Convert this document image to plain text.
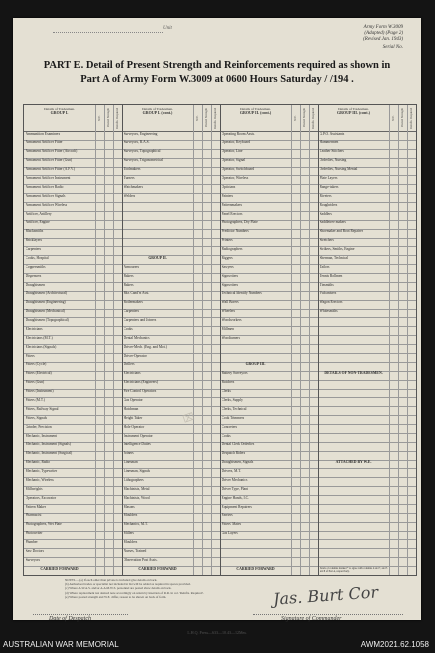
Unit	Army Form W.3009
(Adapted) (Page 2)
(Revised Jan. 1943)
Serial No.
PART E. Detail of Present Strength and Reinforcements required as shown in
Part A of Army Form W.3009 at 0600 Hours Saturday / /194 .
Details of Tradesmen.
GROUP I.
W.E. Posted Strength Reinfts. Required
Ammunition Examiners
Armament Artificer Fitter
Armament Artificer Fitter (Aircraft)
Armament Artificer Fitter (Gun)
Armament Artificer Fitter (A.F.V.)
Armament Artificer Instrument
Armament Artificer Radio
Armament Artificer Signals
Armament Artificer Wireless
Artificer, Artillery
Artificer, Engine
Blacksmiths
Bricklayers
Carpenters
Cooks, Hospital
Coppersmiths
Dispensers
Draughtsmen
Draughtsmen (Architectural)
Draughtsmen (Engineering)
Draughtsmen (Mechanical)
Draughtsmen (Topographical)
Electricians
Electricians (M.T.)
Electricians (Signals)
Fitters
Fitters (Cycle)
Fitters (Electrical)
Fitters (Gun)
Fitters (Instrument)
Fitters (M.T.)
Fitters, Railway Signal
Fitters, Signals
Grinder, Precision
Mechanic, Instrument
Mechanic, Instrument (Signals)
Mechanic, Instrument (Surgical)
Mechanic, Radio
Mechanic, Typewriter
Mechanic, Wireless
Millwrights
Operators, Excavator
Pattern Maker
Pharmacist
Photographers, Wet Plate
Photowriter
Plumber
Saw Doctors
Surveyors
CARRIED FORWARD
Details of Tradesmen.
GROUP I. (cont.)
W.E. Posted Strength Reinfts. Required
Surveyors, Engineering
Surveyors, R.A.S.
Surveyors, Topographical
Surveyors, Trigonometrical
Toolmakers
Turners
Watchmakers
Welders
GROUP II.
Armourers
Bakers
Bakers
Bkr. Cand'rs Asst.
Boilermakers
Carpenters
Carpenters and Joiners
Cooks
Dental Mechanics
Driver-Mech. (Eng. and Mot.)
Driver-Operator
Drillers
Electricians
Electricians (Engineers)
Fire Control Operators
Gas Operator
Hatchman
Height Taker
Hole Operator
Instrument Operator
Intelligence Duties
Joiners
Linesman
Linesman, Signals
Lithographers
Machinists, Metal
Machinists, Wood
Masons
Moulders
Mechanics, M.T.
Millers
Moulders
Nurses, Trained
Observation Post Assts.
CARRIED FORWARD
Details of Tradesmen.
GROUP II. (cont.)
W.E. Posted Strength Reinfts. Required
Operating Room Assts.
Operator, Keyboard
Operator, Line
Operator, Signal
Operator, Switchboard
Operator, Wireless
Opticians
Painters
Patternmakers
Panel Erectors
Photographers, Dry Plate
Predictor Numbers
Printers
Radiographers
Riggers
Sawyers
Signwriters
Signwriters
Technical Identify Numbers
Wall Borers
Wheelers
Woodworkers
Millmen
Woodturners
GROUP III.
Battery Surveyors
Butchers
Clerks
Clerks, Supply
Clerks, Technical
Cook Trimmers
Concreters
Cooks
Dental Clerk Orderlies
Despatch Riders
Draughtsmen, Signals
Drivers, M.T.
Driver Mechanics
Driver Type, Plant
Engine Hands, I.C.
Equipment Repairers
Farriers
Fitters' Mates
Gas Layers
CARRIED FORWARD
Details of Tradesmen.
GROUP III. (cont.)
W.E. Posted Strength Reinfts. Required
G.P.O. Assistants
Hammermen
Leather Stitchers
Orderlies, Nursing
Orderlies, Nursing Mental
Plate Layers
Range-takers
Riveters
Roughriders
Saddlers
Saddletree makers
Shoemaker and Boot Repairer
Stretchers
Strikers, Smiths, Engine
Sherman, Technical
Tailors
Tennis Rollmen
Tinsmiths
Vulcanisers
Wagon Erectors
Whitesmiths
DETAILS OF NON-TRADESMEN.
ATTACHED BY W.E.
Totals of columns marked * to agree with columns 4 and 7, and 5 and 8 of Part A, respectively.
⌧
NOTES.—(a) If each other than private is included give details on back.
(b) Authorised trades or specialist not included in list will be added as required in spaces provided.
(c) Where A.W.A.S. and/or A.A.M.W.S. personnel are posted show details on back.
(d) Where replacement not desired note accordingly on return by insertion of R.R. in col. 'Reinfts. Required'.
(e) Where posted strength and W.E. differ, reason to be shown on back of form.	Jas. Burt Cor
Date of Despatch	Signature of Commander
L.H.Q. Press—633—10.43—12Mm.
AUSTRALIAN WAR MEMORIAL	AWM2021.62.1058
